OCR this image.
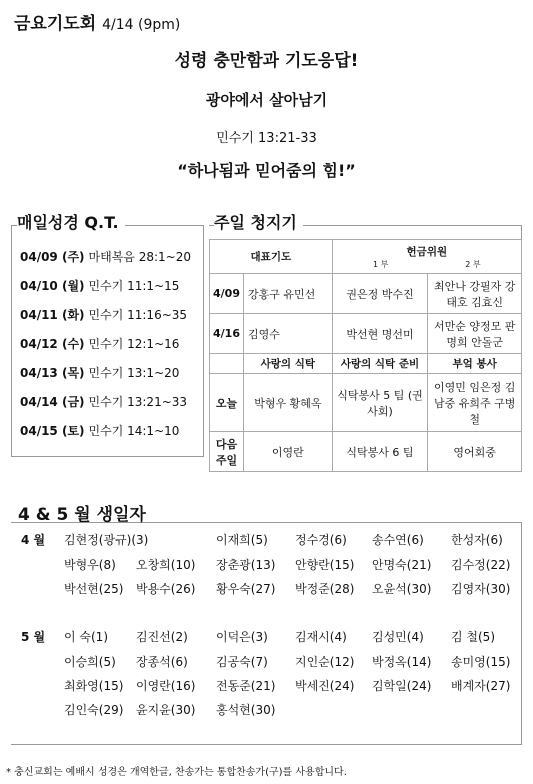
금요기도회 4/14 (9pm)
성령 충만함과 기도응답!
광야에서 살아남기
민수기 13:21-33
“하나됨과 믿어줌의 힘!”
매일성경 Q.T.
04/09 (주) 마태복음 28:1~20
04/10 (월) 민수기 11:1~15
04/11 (화) 민수기 11:16~35
04/12 (수) 민수기 12:1~16
04/13 (목) 민수기 13:1~20
04/14 (금) 민수기 13:21~33
04/15 (토) 민수기 14:1~10
주일 청지기
대표기도		헌금위원
1 부 2 부	

4/09	강홍구 유민선	권은정 박수진	최안나 강필자 강태호 김효신
4/16	김영수	박선현 명선미	서만순 양정모 판명희 안돌군
	사랑의 식탁	사랑의 식탁 준비	부엌 봉사
오늘	박형우 황혜옥	식탁봉사 5 팀 (권사회)	이영민 임은정 김남중 유희주 구병철
다음 주일	이영란	식탁봉사 6 팀	영어회중
4 & 5 월 생일자
4 월
5 월
김현정(광규)(3)	이재희(5) 정수경(6) 송수연(6) 한성자(6)
박형우(8) 오창희(10) 장춘광(13) 안향란(15) 안명숙(21) 김수정(22)
박선현(25) 박용수(26) 황우숙(27) 박정준(28) 오윤석(30) 김영자(30)
이 숙(1) 김진선(2) 이덕은(3) 김재시(4) 김성민(4) 김 철(5)
이승희(5) 장종석(6) 김공숙(7) 지인순(12) 박정옥(14) 송미영(15)
최화영(15) 이영란(16) 전동준(21) 박세진(24) 김학일(24) 배계자(27)
김인숙(29) 윤지윤(30) 홍석현(30)
* 충신교회는 예배시 성경은 개역한글, 찬송가는 통합찬송가(구)를 사용합니다.
